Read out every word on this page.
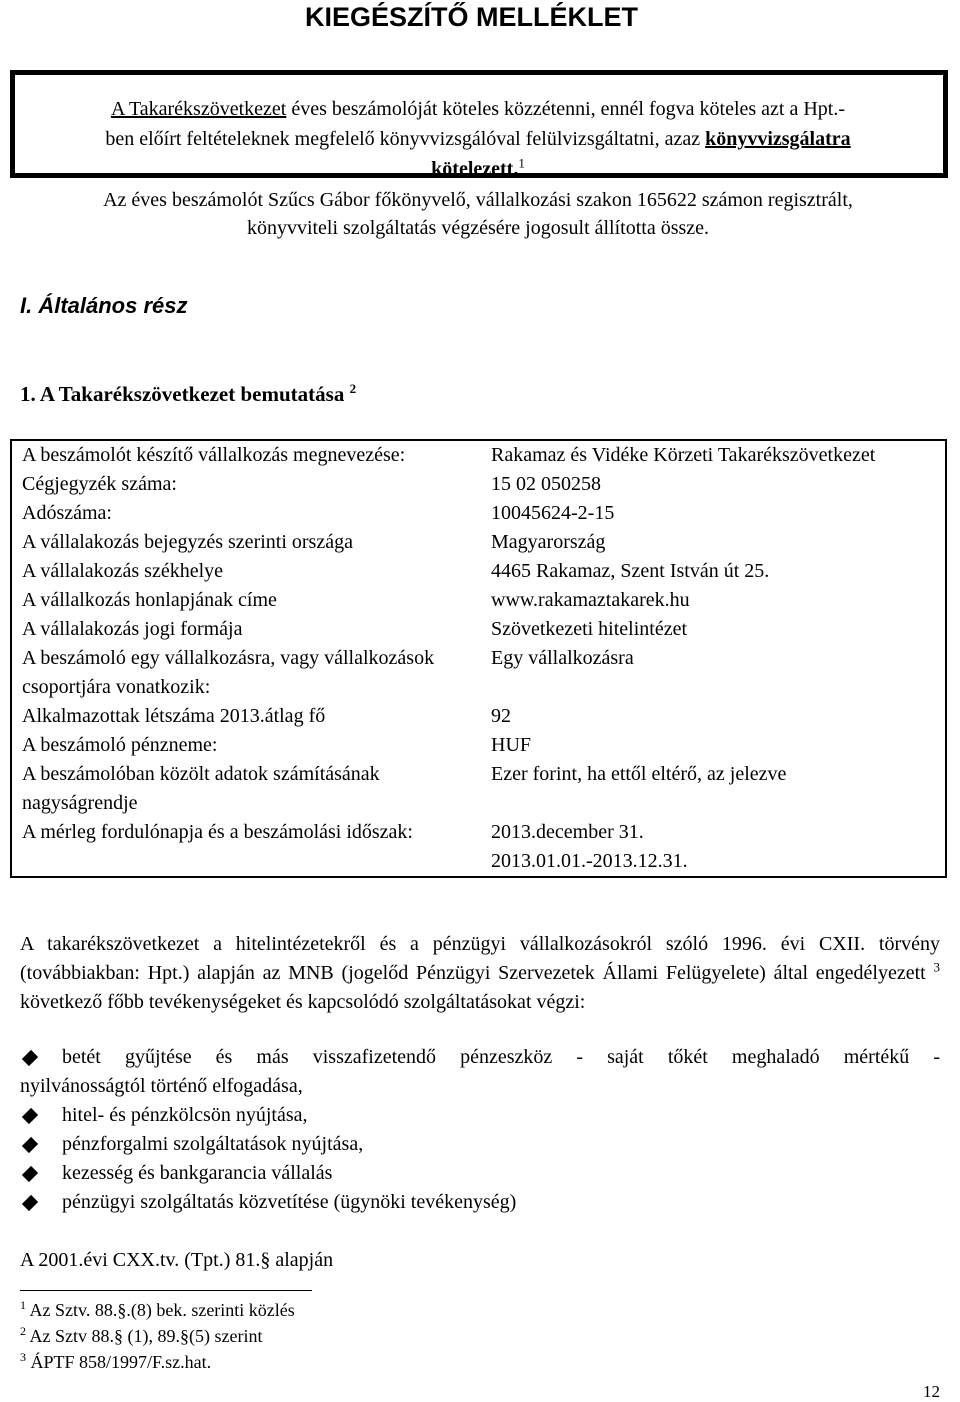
KIEGÉSZÍTŐ MELLÉKLET
A Takarékszövetkezet éves beszámolóját köteles közzétenni, ennél fogva köteles azt a Hpt.-
ben előírt feltételeknek megfelelő könyvvizsgálóval felülvizsgáltatni, azaz könyvvizsgálatra
kötelezett.$^1$
Az éves beszámolót Szűcs Gábor főkönyvelő, vállalkozási szakon 165622 számon regisztrált,
könyvviteli szolgáltatás végzésére jogosult állította össze.
I. Általános rész
1. A Takarékszövetkezet bemutatása $^2$
A beszámolót készítő vállalkozás megnevezése:	Rakamaz és Vidéke Körzeti Takarékszövetkezet

Cégjegyzék száma:	15 02 050258

Adószáma:	10045624-2-15

A vállalakozás bejegyzés szerinti országa	Magyarország

A vállalakozás székhelye	4465 Rakamaz, Szent István út 25.

A vállalkozás honlapjának címe	www.rakamaztakarek.hu

A vállalakozás jogi formája	Szövetkezeti hitelintézet

A beszámoló egy vállalkozásra, vagy vállalkozások csoportjára vonatkozik:	Egy vállalkozásra

Alkalmazottak létszáma 2013.átlag fő	92

A beszámoló pénzneme:	HUF

A beszámolóban közölt adatok számításának nagyságrendje	Ezer forint, ha ettől eltérő, az jelezve

A mérleg fordulónapja és a beszámolási időszak:	2013.december 31.
2013.01.01.-2013.12.31.
A takarékszövetkezet a hitelintézetekről és a pénzügyi vállalkozásokról szóló 1996. évi CXII. törvény (továbbiakban: Hpt.) alapján az MNB (jogelőd Pénzügyi Szervezetek Állami Felügyelete) által engedélyezett $^3$ következő főbb tevékenységeket és kapcsolódó szolgáltatásokat végzi:
betét gyűjtése és más visszafizetendő pénzeszköz - saját tőkét meghaladó mértékű -
nyilvánosságtól történő elfogadása,
hitel- és pénzkölcsön nyújtása,
pénzforgalmi szolgáltatások nyújtása,
kezesség és bankgarancia vállalás
pénzügyi szolgáltatás közvetítése (ügynöki tevékenység)
A 2001.évi CXX.tv. (Tpt.) 81.§ alapján
$^1$ Az Sztv. 88.§.(8) bek. szerinti közlés
$^2$ Az Sztv 88.§ (1), 89.§(5) szerint
$^3$ ÁPTF 858/1997/F.sz.hat.
12
